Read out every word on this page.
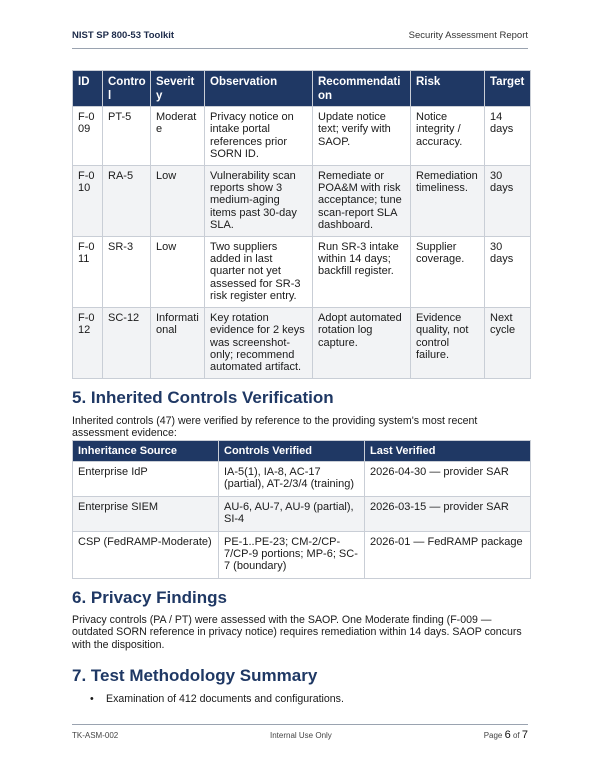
NIST SP 800-53 Toolkit	Security Assessment Report
ID	Control	Severity	Observation	Recommendation	Risk	Target
F-009	PT-5	Moderate	Privacy notice on intake portal references prior SORN ID.	Update notice text; verify with SAOP.	Notice integrity / accuracy.	14 days
F-010	RA-5	Low	Vulnerability scan reports show 3 medium-aging items past 30-day SLA.	Remediate or POA&M with risk acceptance; tune scan-report SLA dashboard.	Remediation timeliness.	30 days
F-011	SR-3	Low	Two suppliers added in last quarter not yet assessed for SR-3 risk register entry.	Run SR-3 intake within 14 days; backfill register.	Supplier coverage.	30 days
F-012	SC-12	Informational	Key rotation evidence for 2 keys was screenshot-only; recommend automated artifact.	Adopt automated rotation log capture.	Evidence quality, not control failure.	Next cycle
5. Inherited Controls Verification

Inherited controls (47) were verified by reference to the providing system's most recent assessment evidence:

Inheritance Source	Controls Verified	Last Verified
Enterprise IdP	IA-5(1), IA-8, AC-17 (partial), AT-2/3/4 (training)	2026-04-30 — provider SAR
Enterprise SIEM	AU-6, AU-7, AU-9 (partial), SI-4	2026-03-15 — provider SAR
CSP (FedRAMP-Moderate)	PE-1..PE-23; CM-2/CP-7/CP-9 portions; MP-6; SC-7 (boundary)	2026-01 — FedRAMP package
6. Privacy Findings

Privacy controls (PA / PT) were assessed with the SAOP. One Moderate finding (F-009 — outdated SORN reference in privacy notice) requires remediation within 14 days. SAOP concurs with the disposition.

7. Test Methodology Summary
• Examination of 412 documents and configurations.
TK-ASM-002	Internal Use Only	Page 6 of 7
